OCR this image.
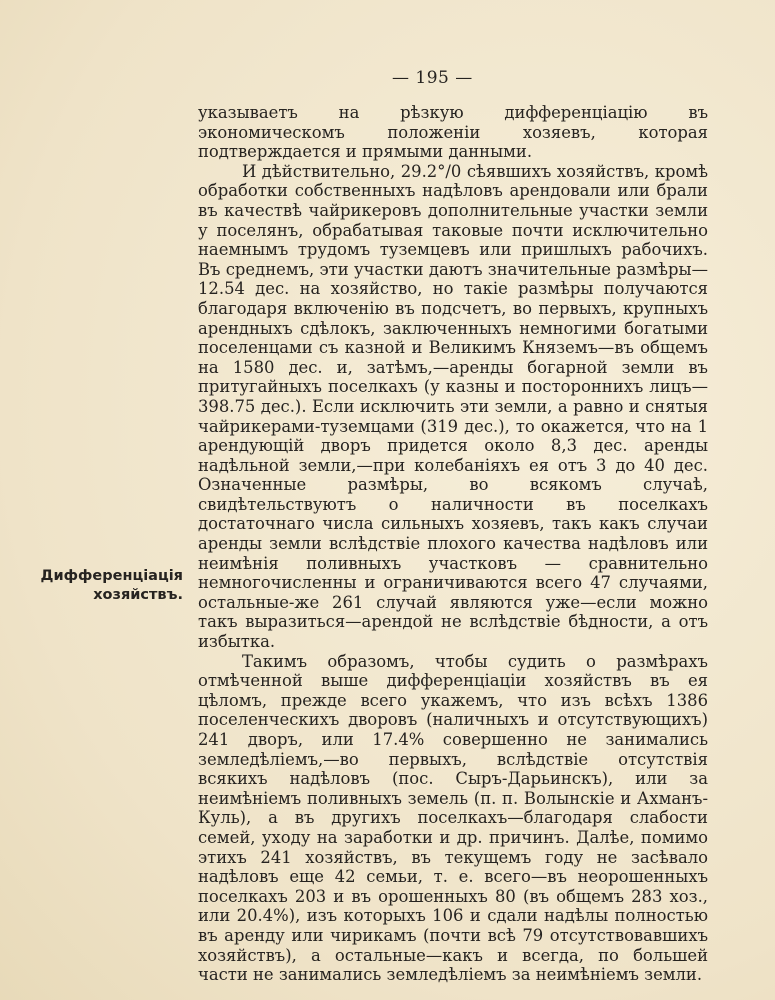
— 195 —
Дифференціація
хозяйствъ.

указываетъ на рѣзкую дифференціацію въ экономическомъ положеніи хозяевъ, которая подтверждается и прямыми данными.

И дѣйствительно, 29.2°/0 сѣявшихъ хозяйствъ, кромѣ обработки собственныхъ надѣловъ арендовали или брали въ качествѣ чайрикеровъ дополнительные участки земли у поселянъ, обрабатывая таковые почти исключительно наемнымъ трудомъ туземцевъ или пришлыхъ рабочихъ. Въ среднемъ, эти участки даютъ значительные размѣры—12.54 дес. на хозяйство, но такіе размѣры получаются благодаря включенію въ подсчетъ, во первыхъ, крупныхъ арендныхъ сдѣлокъ, заключенныхъ немногими богатыми поселенцами съ казной и Великимъ Княземъ—въ общемъ на 1580 дес. и, затѣмъ,—аренды богарной земли въ притугайныхъ поселкахъ (у казны и постороннихъ лицъ—398.75 дес.). Если исключить эти земли, а равно и снятыя чайрикерами-туземцами (319 дес.), то окажется, что на 1 арендующій дворъ придется около 8,3 дес. аренды надѣльной земли,—при колебаніяхъ ея отъ 3 до 40 дес. Означенные размѣры, во всякомъ случаѣ, свидѣтельствуютъ о наличности въ поселкахъ достаточнаго числа сильныхъ хозяевъ, такъ какъ случаи аренды земли вслѣдствіе плохого качества надѣловъ или неимѣнія поливныхъ участковъ — сравнительно немногочисленны и ограничиваются всего 47 случаями, остальные-же 261 случай являются уже—если можно такъ выразиться—арендой не вслѣдствіе бѣдности, а отъ избытка.

Такимъ образомъ, чтобы судить о размѣрахъ отмѣченной выше дифференціаціи хозяйствъ въ ея цѣломъ, прежде всего укажемъ, что изъ всѣхъ 1386 поселенческихъ дворовъ (наличныхъ и отсутствующихъ) 241 дворъ, или 17.4% совершенно не занимались земледѣліемъ,—во первыхъ, вслѣдствіе отсутствія всякихъ надѣловъ (пос. Сыръ-Дарьинскъ), или за неимѣніемъ поливныхъ земель (п. п. Волынскіе и Ахманъ-Куль), а въ другихъ поселкахъ—благодаря слабости семей, уходу на заработки и др. причинъ. Далѣе, помимо этихъ 241 хозяйствъ, въ текущемъ году не засѣвало надѣловъ еще 42 семьи, т. е. всего—въ неорошенныхъ поселкахъ 203 и въ орошенныхъ 80 (въ общемъ 283 хоз., или 20.4%), изъ которыхъ 106 и сдали надѣлы полностью въ аренду или чирикамъ (почти всѣ 79 отсутствовавшихъ хозяйствъ), а остальные—какъ и всегда, по большей части не занимались земледѣліемъ за неимѣніемъ земли.
